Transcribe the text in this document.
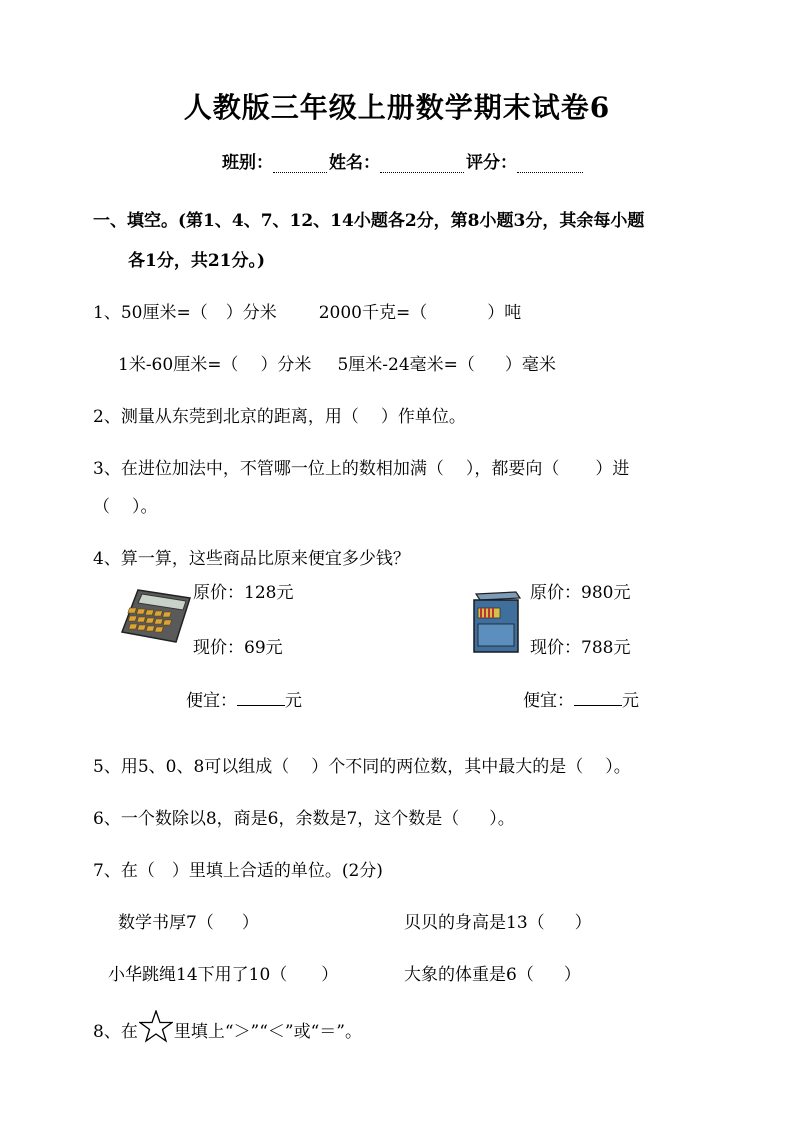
人教版三年级上册数学期末试卷6
班别：	姓名：	评分：
一、填空。(第1、4、7、12、14小题各2分，第8小题3分，其余每小题
各1分，共21分。)
1、50厘米=（ ）分米 2000千克=（	）吨
1米-60厘米=（ ）分米 5厘米-24毫米=（ ）毫米
2、测量从东莞到北京的距离，用（ ）作单位。
3、在进位加法中，不管哪一位上的数相加满（ ），都要向（ ）进
（ ）。
4、算一算，这些商品比原来便宜多少钱？
原价：128元
现价：69元
便宜：	元
原价：980元
现价：788元
便宜：	元
5、用5、0、8可以组成（ ）个不同的两位数，其中最大的是（ ）。
6、一个数除以8，商是6，余数是7，这个数是（ ）。
7、在（　）里填上合适的单位。(2分)
数学书厚7（ ）	贝贝的身高是13（ ）
小华跳绳14下用了10（ ）	大象的体重是6（ ）
8、在 里填上“＞”“＜”或“＝”。
